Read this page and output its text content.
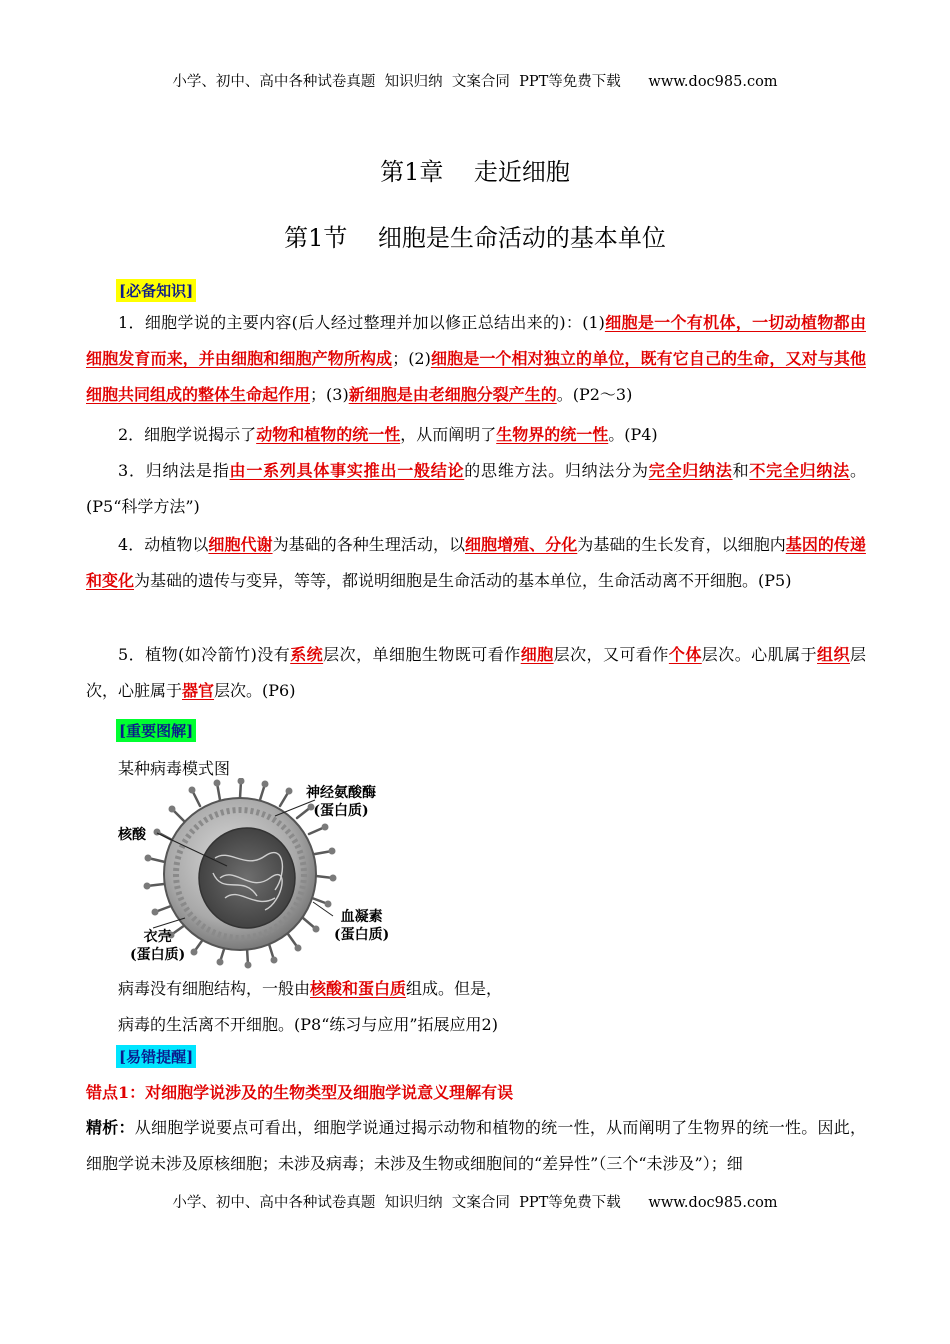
小学、初中、高中各种试卷真题  知识归纳  文案合同  PPT等免费下载      www.doc985.com
第1章    走近细胞
第1节    细胞是生命活动的基本单位
[必备知识]
1．细胞学说的主要内容(后人经过整理并加以修正总结出来的)：(1)细胞是一个有机体，一切动植物都由细胞发育而来，并由细胞和细胞产物所构成；(2)细胞是一个相对独立的单位，既有它自己的生命，又对与其他细胞共同组成的整体生命起作用；(3)新细胞是由老细胞分裂产生的。(P2～3)
2．细胞学说揭示了动物和植物的统一性，从而阐明了生物界的统一性。(P4)
3．归纳法是指由一系列具体事实推出一般结论的思维方法。归纳法分为完全归纳法和不完全归纳法。(P5“科学方法”)
4．动植物以细胞代谢为基础的各种生理活动，以细胞增殖、分化为基础的生长发育，以细胞内基因的传递和变化为基础的遗传与变异，等等，都说明细胞是生命活动的基本单位，生命活动离不开细胞。(P5)
5．植物(如冷箭竹)没有系统层次，单细胞生物既可看作细胞层次，又可看作个体层次。心肌属于组织层次，心脏属于器官层次。(P6)
[重要图解]
某种病毒模式图
神经氨酸酶
(蛋白质)
核酸
血凝素
(蛋白质)
衣壳
(蛋白质)
病毒没有细胞结构，一般由核酸和蛋白质组成。但是，
病毒的生活离不开细胞。(P8“练习与应用”拓展应用2)
[易错提醒]
错点1：对细胞学说涉及的生物类型及细胞学说意义理解有误
精析：从细胞学说要点可看出，细胞学说通过揭示动物和植物的统一性，从而阐明了生物界的统一性。因此，细胞学说未涉及原核细胞；未涉及病毒；未涉及生物或细胞间的“差异性”（三个“未涉及”）；细
小学、初中、高中各种试卷真题  知识归纳  文案合同  PPT等免费下载      www.doc985.com
